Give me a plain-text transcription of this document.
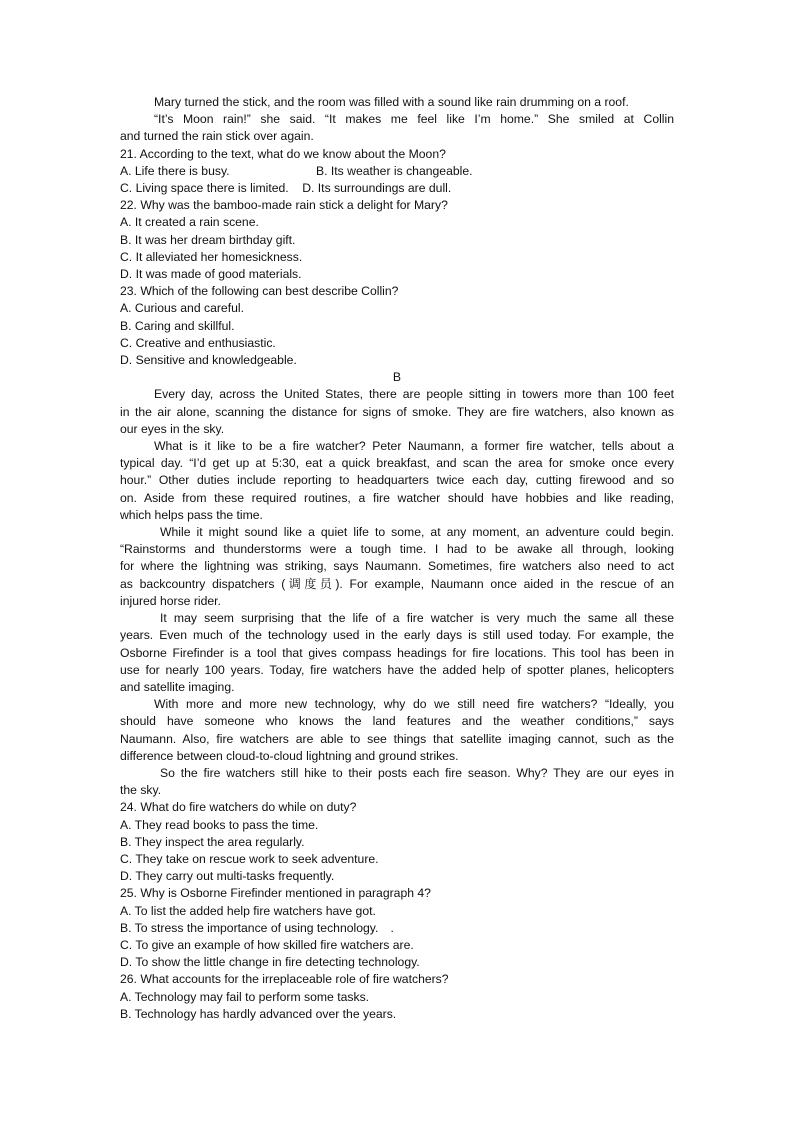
Mary turned the stick, and the room was filled with a sound like rain drumming on a roof.
“It’s Moon rain!” she said. “It makes me feel like I’m home.” She smiled at Collin
and turned the rain stick over again.
21. According to the text, what do we know about the Moon?
A. Life there is busy.	B. Its weather is changeable.
C. Living space there is limited. D. Its surroundings are dull.
22. Why was the bamboo-made rain stick a delight for Mary?
A. It created a rain scene.
B. It was her dream birthday gift.
C. It alleviated her homesickness.
D. It was made of good materials.
23. Which of the following can best describe Collin?
A. Curious and careful.
B. Caring and skillful.
C. Creative and enthusiastic.
D. Sensitive and knowledgeable.
B
Every day, across the United States, there are people sitting in towers more than 100 feet
in the air alone, scanning the distance for signs of smoke. They are fire watchers, also known as
our eyes in the sky.
What is it like to be a fire watcher? Peter Naumann, a former fire watcher, tells about a
typical day. “I’d get up at 5:30, eat a quick breakfast, and scan the area for smoke once every
hour.” Other duties include reporting to headquarters twice each day, cutting firewood and so
on. Aside from these required routines, a fire watcher should have hobbies and like reading,
which helps pass the time.
While it might sound like a quiet life to some, at any moment, an adventure could begin.
“Rainstorms and thunderstorms were a tough time. I had to be awake all through, looking
for where the lightning was striking, says Naumann. Sometimes, fire watchers also need to act
as backcountry dispatchers (调度员). For example, Naumann once aided in the rescue of an
injured horse rider.
It may seem surprising that the life of a fire watcher is very much the same all these
years. Even much of the technology used in the early days is still used today. For example, the
Osborne Firefinder is a tool that gives compass headings for fire locations. This tool has been in
use for nearly 100 years. Today, fire watchers have the added help of spotter planes, helicopters
and satellite imaging.
With more and more new technology, why do we still need fire watchers? “Ideally, you
should have someone who knows the land features and the weather conditions,” says
Naumann. Also, fire watchers are able to see things that satellite imaging cannot, such as the
difference between cloud-to-cloud lightning and ground strikes.
So the fire watchers still hike to their posts each fire season. Why? They are our eyes in
the sky.
24. What do fire watchers do while on duty?
A. They read books to pass the time.
B. They inspect the area regularly.
C. They take on rescue work to seek adventure.
D. They carry out multi-tasks frequently.
25. Why is Osborne Firefinder mentioned in paragraph 4?
A. To list the added help fire watchers have got.
B. To stress the importance of using technology.　.
C. To give an example of how skilled fire watchers are.
D. To show the little change in fire detecting technology.
26. What accounts for the irreplaceable role of fire watchers?
A. Technology may fail to perform some tasks.
B. Technology has hardly advanced over the years.
